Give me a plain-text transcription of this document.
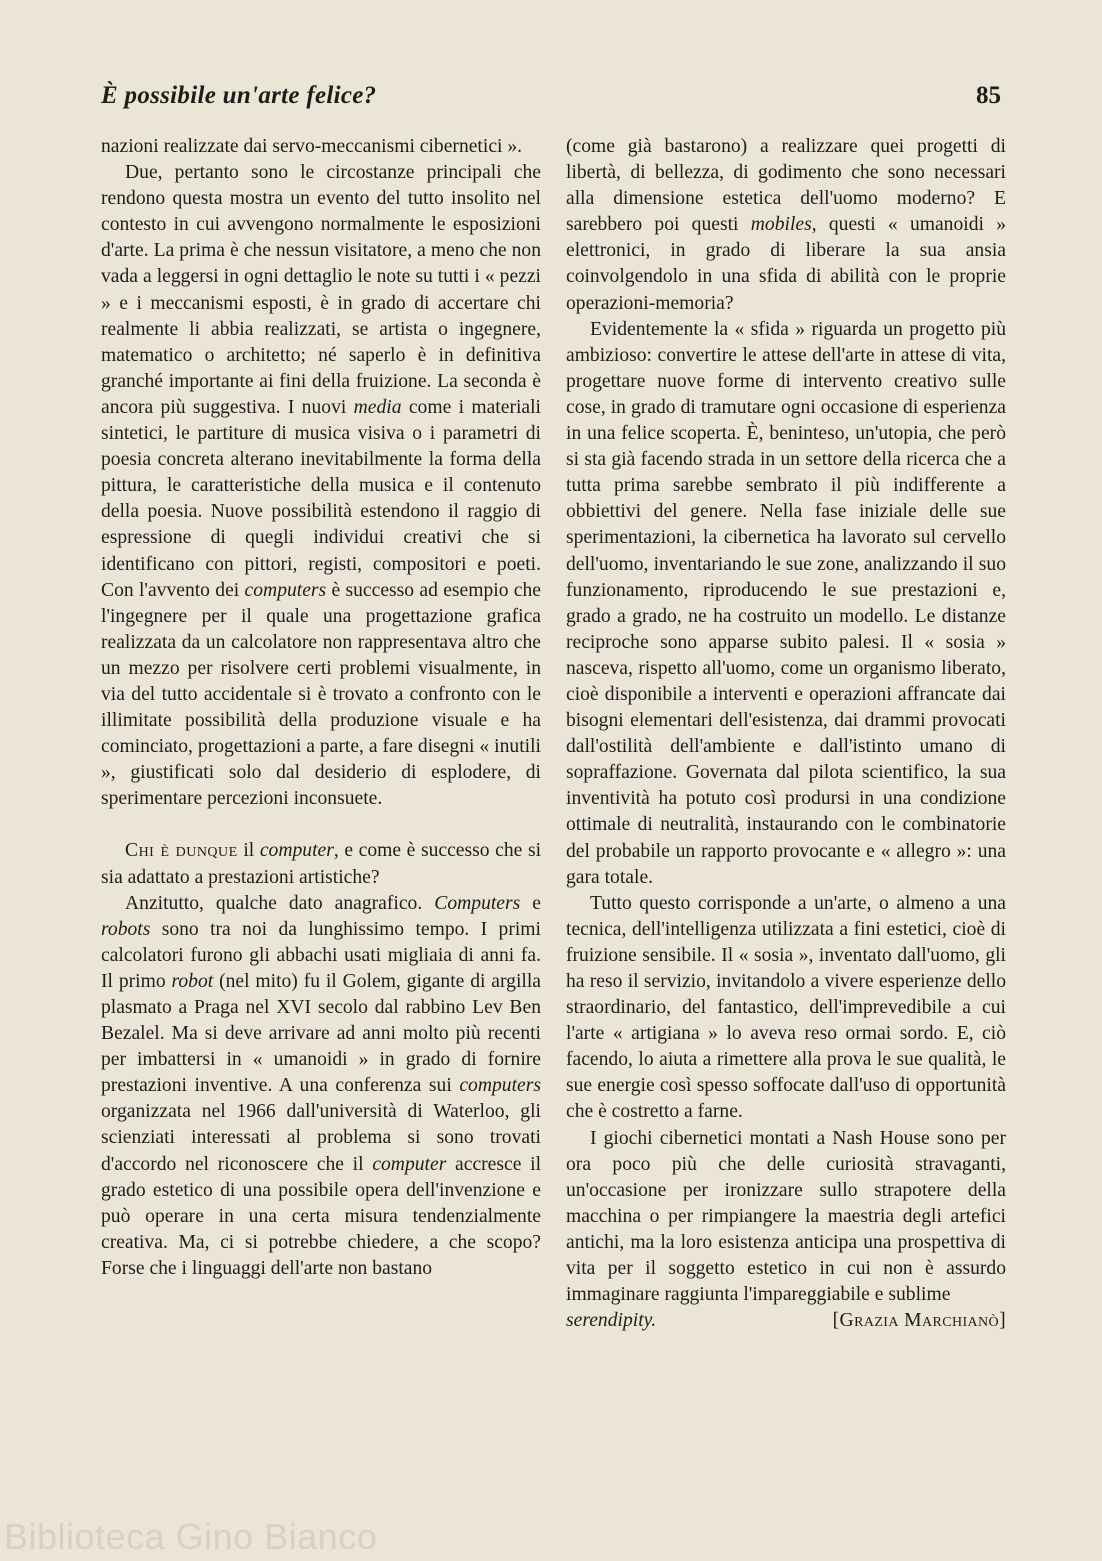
È possibile un'arte felice?	85

nazioni realizzate dai servo-meccanismi cibernetici ».

Due, pertanto sono le circostanze principali che rendono questa mostra un evento del tutto insolito nel contesto in cui avvengono normalmente le esposizioni d'arte. La prima è che nessun visitatore, a meno che non vada a leggersi in ogni dettaglio le note su tutti i « pezzi » e i meccanismi esposti, è in grado di accertare chi realmente li abbia realizzati, se artista o ingegnere, matematico o architetto; né saperlo è in definitiva granché importante ai fini della fruizione. La seconda è ancora più suggestiva. I nuovi media come i materiali sintetici, le partiture di musica visiva o i parametri di poesia concreta alterano inevitabilmente la forma della pittura, le caratteristiche della musica e il contenuto della poesia. Nuove possibilità estendono il raggio di espressione di quegli individui creativi che si identificano con pittori, registi, compositori e poeti. Con l'avvento dei computers è successo ad esempio che l'ingegnere per il quale una progettazione grafica realizzata da un calcolatore non rappresentava altro che un mezzo per risolvere certi problemi visualmente, in via del tutto accidentale si è trovato a confronto con le illimitate possibilità della produzione visuale e ha cominciato, progettazioni a parte, a fare disegni « inutili », giustificati solo dal desiderio di esplodere, di sperimentare percezioni inconsuete.

Chi è dunque il computer, e come è successo che si sia adattato a prestazioni artistiche?

Anzitutto, qualche dato anagrafico. Computers e robots sono tra noi da lunghissimo tempo. I primi calcolatori furono gli abbachi usati migliaia di anni fa. Il primo robot (nel mito) fu il Golem, gigante di argilla plasmato a Praga nel XVI secolo dal rabbino Lev Ben Bezalel. Ma si deve arrivare ad anni molto più recenti per imbattersi in « umanoidi » in grado di fornire prestazioni inventive. A una conferenza sui computers organizzata nel 1966 dall'università di Waterloo, gli scienziati interessati al problema si sono trovati d'accordo nel riconoscere che il computer accresce il grado estetico di una possibile opera dell'invenzione e può operare in una certa misura tendenzialmente creativa. Ma, ci si potrebbe chiedere, a che scopo? Forse che i linguaggi dell'arte non bastano

(come già bastarono) a realizzare quei progetti di libertà, di bellezza, di godimento che sono necessari alla dimensione estetica dell'uomo moderno? E sarebbero poi questi mobiles, questi « umanoidi » elettronici, in grado di liberare la sua ansia coinvolgendolo in una sfida di abilità con le proprie operazioni-memoria?

Evidentemente la « sfida » riguarda un progetto più ambizioso: convertire le attese dell'arte in attese di vita, progettare nuove forme di intervento creativo sulle cose, in grado di tramutare ogni occasione di esperienza in una felice scoperta. È, beninteso, un'utopia, che però si sta già facendo strada in un settore della ricerca che a tutta prima sarebbe sembrato il più indifferente a obbiettivi del genere. Nella fase iniziale delle sue sperimentazioni, la cibernetica ha lavorato sul cervello dell'uomo, inventariando le sue zone, analizzando il suo funzionamento, riproducendo le sue prestazioni e, grado a grado, ne ha costruito un modello. Le distanze reciproche sono apparse subito palesi. Il « sosia » nasceva, rispetto all'uomo, come un organismo liberato, cioè disponibile a interventi e operazioni affrancate dai bisogni elementari dell'esistenza, dai drammi provocati dall'ostilità dell'ambiente e dall'istinto umano di sopraffazione. Governata dal pilota scientifico, la sua inventività ha potuto così prodursi in una condizione ottimale di neutralità, instaurando con le combinatorie del probabile un rapporto provocante e « allegro »: una gara totale.

Tutto questo corrisponde a un'arte, o almeno a una tecnica, dell'intelligenza utilizzata a fini estetici, cioè di fruizione sensibile. Il « sosia », inventato dall'uomo, gli ha reso il servizio, invitandolo a vivere esperienze dello straordinario, del fantastico, dell'imprevedibile a cui l'arte « artigiana » lo aveva reso ormai sordo. E, ciò facendo, lo aiuta a rimettere alla prova le sue qualità, le sue energie così spesso soffocate dall'uso di opportunità che è costretto a farne.

I giochi cibernetici montati a Nash House sono per ora poco più che delle curiosità stravaganti, un'occasione per ironizzare sullo strapotere della macchina o per rimpiangere la maestria degli artefici antichi, ma la loro esistenza anticipa una prospettiva di vita per il soggetto estetico in cui non è assurdo immaginare raggiunta l'impareggiabile e sublime

serendipity.	[Grazia Marchianò]
Biblioteca Gino Bianco
